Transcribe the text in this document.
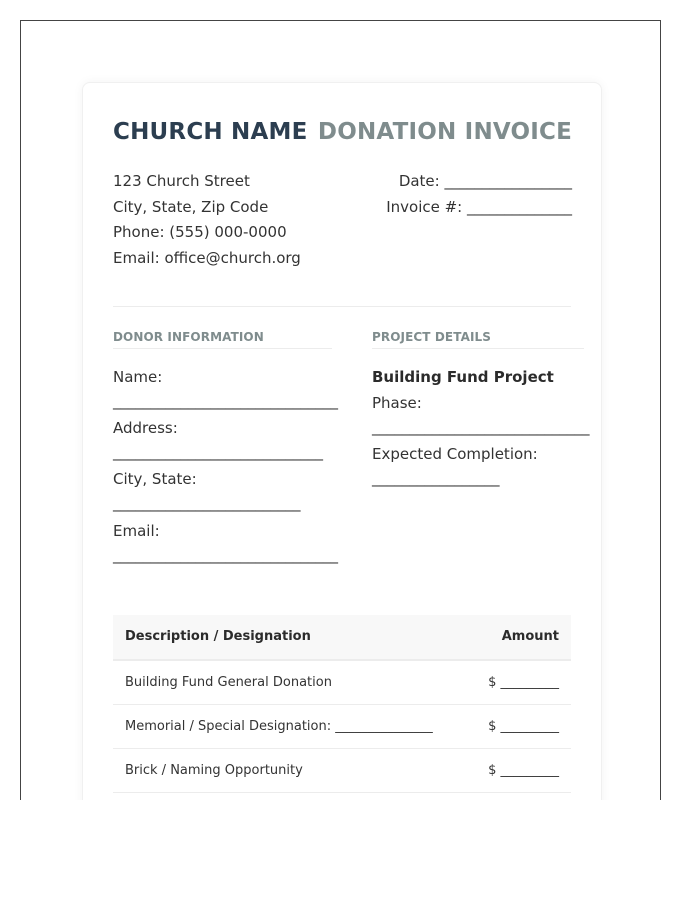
CHURCH NAME DONATION INVOICE
123 Church Street
City, State, Zip Code
Phone: (555) 000-0000
Email: office@church.org
Date: _________________
Invoice #: ______________
DONOR INFORMATION
Name:
______________________________
Address:
____________________________
City, State:
_________________________
Email:
______________________________
PROJECT DETAILS
Building Fund Project
Phase:
_____________________________
Expected Completion:
_________________
Description / Designation	Amount
Building Fund General Donation	$ _________
Memorial / Special Designation: _______________	$ _________
Brick / Naming Opportunity	$ _________
